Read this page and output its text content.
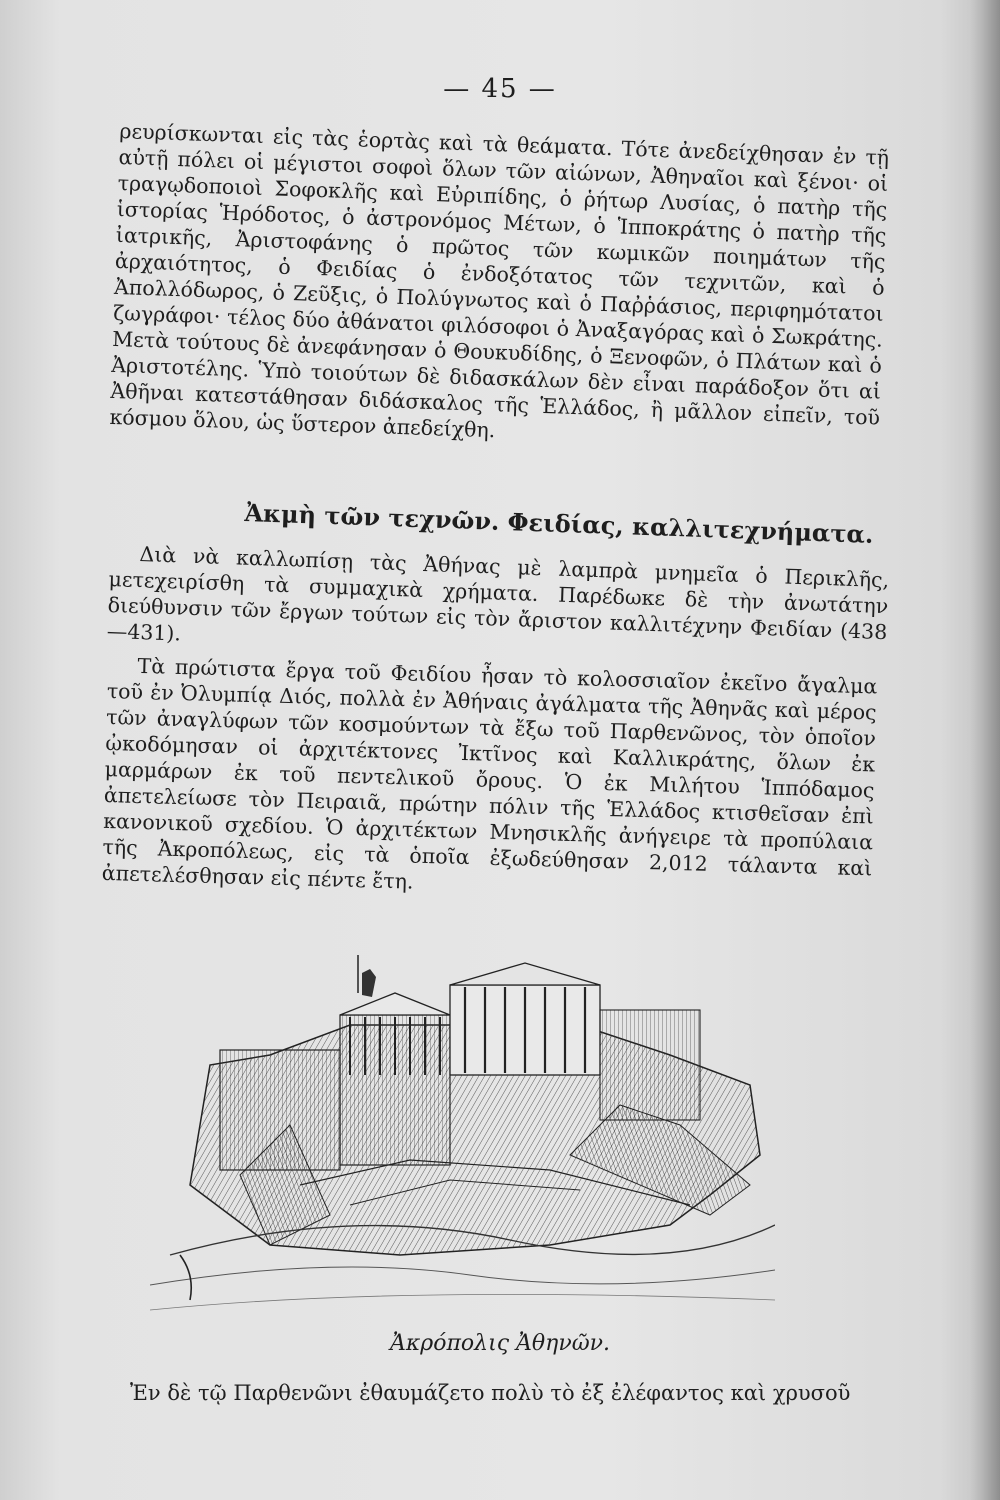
— 45 —

ρευρίσκωνται εἰς τὰς ἑορτὰς καὶ τὰ θεάματα. Τότε ἀνεδείχθησαν ἐν τῇ αὐτῇ πόλει οἱ μέγιστοι σοφοὶ ὅλων τῶν αἰώνων, Ἀθηναῖοι καὶ ξένοι· οἱ τραγῳδοποιοὶ Σοφοκλῆς καὶ Εὐριπίδης, ὁ ῥήτωρ Λυσίας, ὁ πατὴρ τῆς ἱστορίας Ἡρόδοτος, ὁ ἀστρονόμος Μέτων, ὁ Ἱπποκράτης ὁ πατὴρ τῆς ἰατρικῆς, Ἀριστοφάνης ὁ πρῶτος τῶν κωμικῶν ποιημάτων τῆς ἀρχαιότητος, ὁ Φειδίας ὁ ἐνδοξότατος τῶν τεχνιτῶν, καὶ ὁ Ἀπολλόδωρος, ὁ Ζεῦξις, ὁ Πολύγνωτος καὶ ὁ Παῤῥάσιος, περιφημότατοι ζωγράφοι· τέλος δύο ἀθάνατοι φιλόσοφοι ὁ Ἀναξαγόρας καὶ ὁ Σωκράτης. Μετὰ τούτους δὲ ἀνεφάνησαν ὁ Θουκυδίδης, ὁ Ξενοφῶν, ὁ Πλάτων καὶ ὁ Ἀριστοτέλης. Ὑπὸ τοιούτων δὲ διδασκάλων δὲν εἶναι παράδοξον ὅτι αἱ Ἀθῆναι κατεστάθησαν διδάσκαλος τῆς Ἑλλάδος, ἢ μᾶλλον εἰπεῖν, τοῦ κόσμου ὅλου, ὡς ὕστερον ἀπεδείχθη.

Ἀκμὴ τῶν τεχνῶν. Φειδίας, καλλιτεχνήματα.

Διὰ νὰ καλλωπίσῃ τὰς Ἀθήνας μὲ λαμπρὰ μνημεῖα ὁ Περικλῆς, μετεχειρίσθη τὰ συμμαχικὰ χρήματα. Παρέδωκε δὲ τὴν ἀνωτάτην διεύθυνσιν τῶν ἔργων τούτων εἰς τὸν ἄριστον καλλιτέχνην Φειδίαν (438—431).

Τὰ πρώτιστα ἔργα τοῦ Φειδίου ἦσαν τὸ κολοσσιαῖον ἐκεῖνο ἄγαλμα τοῦ ἐν Ὀλυμπίᾳ Διός, πολλὰ ἐν Ἀθήναις ἀγάλματα τῆς Ἀθηνᾶς καὶ μέρος τῶν ἀναγλύφων τῶν κοσμούντων τὰ ἔξω τοῦ Παρθενῶνος, τὸν ὁποῖον ᾠκοδόμησαν οἱ ἀρχιτέκτονες Ἰκτῖνος καὶ Καλλικράτης, ὅλων ἐκ μαρμάρων ἐκ τοῦ πεντελικοῦ ὄρους. Ὁ ἐκ Μιλήτου Ἱππόδαμος ἀπετελείωσε τὸν Πειραιᾶ, πρώτην πόλιν τῆς Ἑλλάδος κτισθεῖσαν ἐπὶ κανονικοῦ σχεδίου. Ὁ ἀρχιτέκτων Μνησικλῆς ἀνήγειρε τὰ προπύλαια τῆς Ἀκροπόλεως, εἰς τὰ ὁποῖα ἐξωδεύθησαν 2,012 τάλαντα καὶ ἀπετελέσθησαν εἰς πέντε ἔτη.

Ἀκρόπολις Ἀθηνῶν.

Ἐν δὲ τῷ Παρθενῶνι ἐθαυμάζετο πολὺ τὸ ἐξ ἐλέφαντος καὶ χρυσοῦ
